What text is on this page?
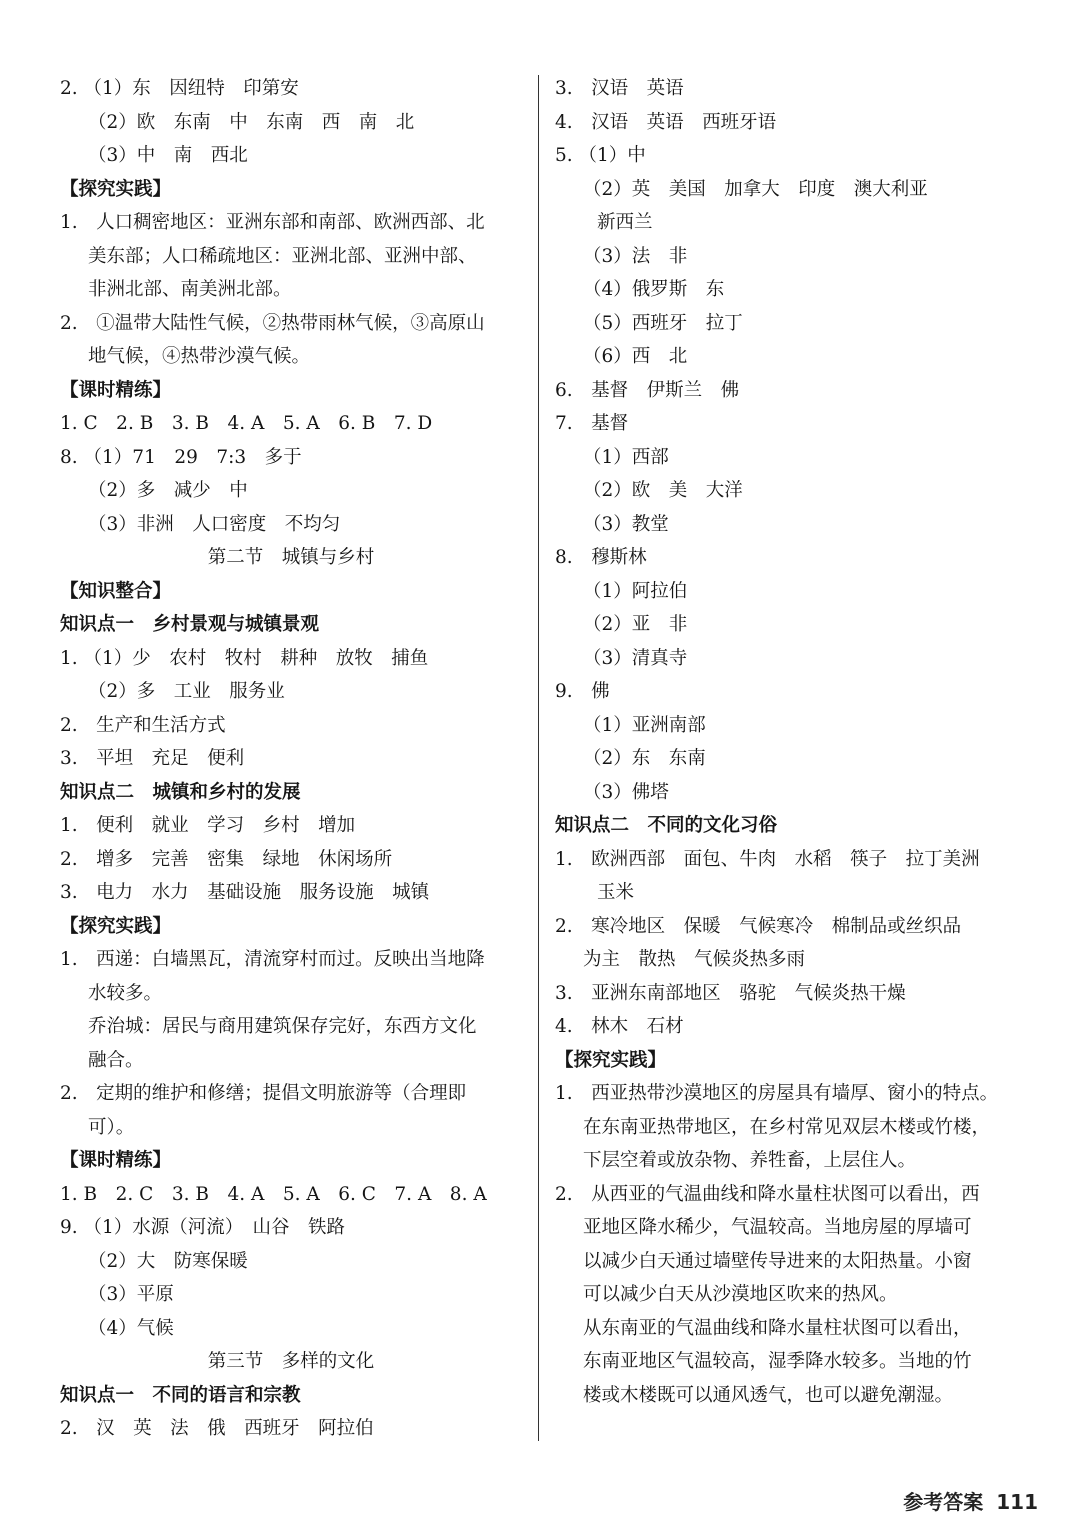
2. （1）东　因纽特　印第安
（2）欧　东南　中　东南　西　南　北
（3）中　南　西北
【探究实践】
1.　人口稠密地区：亚洲东部和南部、欧洲西部、北
美东部；人口稀疏地区：亚洲北部、亚洲中部、
非洲北部、南美洲北部。
2.　①温带大陆性气候，②热带雨林气候，③高原山
地气候，④热带沙漠气候。
【课时精练】
1. C　2. B　3. B　4. A　5. A　6. B　7. D
8. （1）71　29　7:3　多于
（2）多　减少　中
（3）非洲　人口密度　不均匀
第二节　城镇与乡村
【知识整合】
知识点一　乡村景观与城镇景观
1. （1）少　农村　牧村　耕种　放牧　捕鱼
（2）多　工业　服务业
2.　生产和生活方式
3.　平坦　充足　便利
知识点二　城镇和乡村的发展
1.　便利　就业　学习　乡村　增加
2.　增多　完善　密集　绿地　休闲场所
3.　电力　水力　基础设施　服务设施　城镇
【探究实践】
1.　西递：白墙黑瓦，清流穿村而过。反映出当地降
水较多。
乔治城：居民与商用建筑保存完好，东西方文化
融合。
2.　定期的维护和修缮；提倡文明旅游等（合理即
可）。
【课时精练】
1. B　2. C　3. B　4. A　5. A　6. C　7. A　8. A
9. （1）水源（河流）　山谷　铁路
（2）大　防寒保暖
（3）平原
（4）气候
第三节　多样的文化
知识点一　不同的语言和宗教
2.　汉　英　法　俄　西班牙　阿拉伯
3.　汉语　英语
4.　汉语　英语　西班牙语
5. （1）中
（2）英　美国　加拿大　印度　澳大利亚
新西兰
（3）法　非
（4）俄罗斯　东
（5）西班牙　拉丁
（6）西　北
6.　基督　伊斯兰　佛
7.　基督
（1）西部
（2）欧　美　大洋
（3）教堂
8.　穆斯林
（1）阿拉伯
（2）亚　非
（3）清真寺
9.　佛
（1）亚洲南部
（2）东　东南
（3）佛塔
知识点二　不同的文化习俗
1.　欧洲西部　面包、牛肉　水稻　筷子　拉丁美洲
玉米
2.　寒冷地区　保暖　气候寒冷　棉制品或丝织品
为主　散热　气候炎热多雨
3.　亚洲东南部地区　骆驼　气候炎热干燥
4.　林木　石材
【探究实践】
1.　西亚热带沙漠地区的房屋具有墙厚、窗小的特点。
在东南亚热带地区，在乡村常见双层木楼或竹楼，
下层空着或放杂物、养牲畜，上层住人。
2.　从西亚的气温曲线和降水量柱状图可以看出，西
亚地区降水稀少，气温较高。当地房屋的厚墙可
以减少白天通过墙壁传导进来的太阳热量。小窗
可以减少白天从沙漠地区吹来的热风。
从东南亚的气温曲线和降水量柱状图可以看出，
东南亚地区气温较高，湿季降水较多。当地的竹
楼或木楼既可以通风透气，也可以避免潮湿。
参考答案 111
